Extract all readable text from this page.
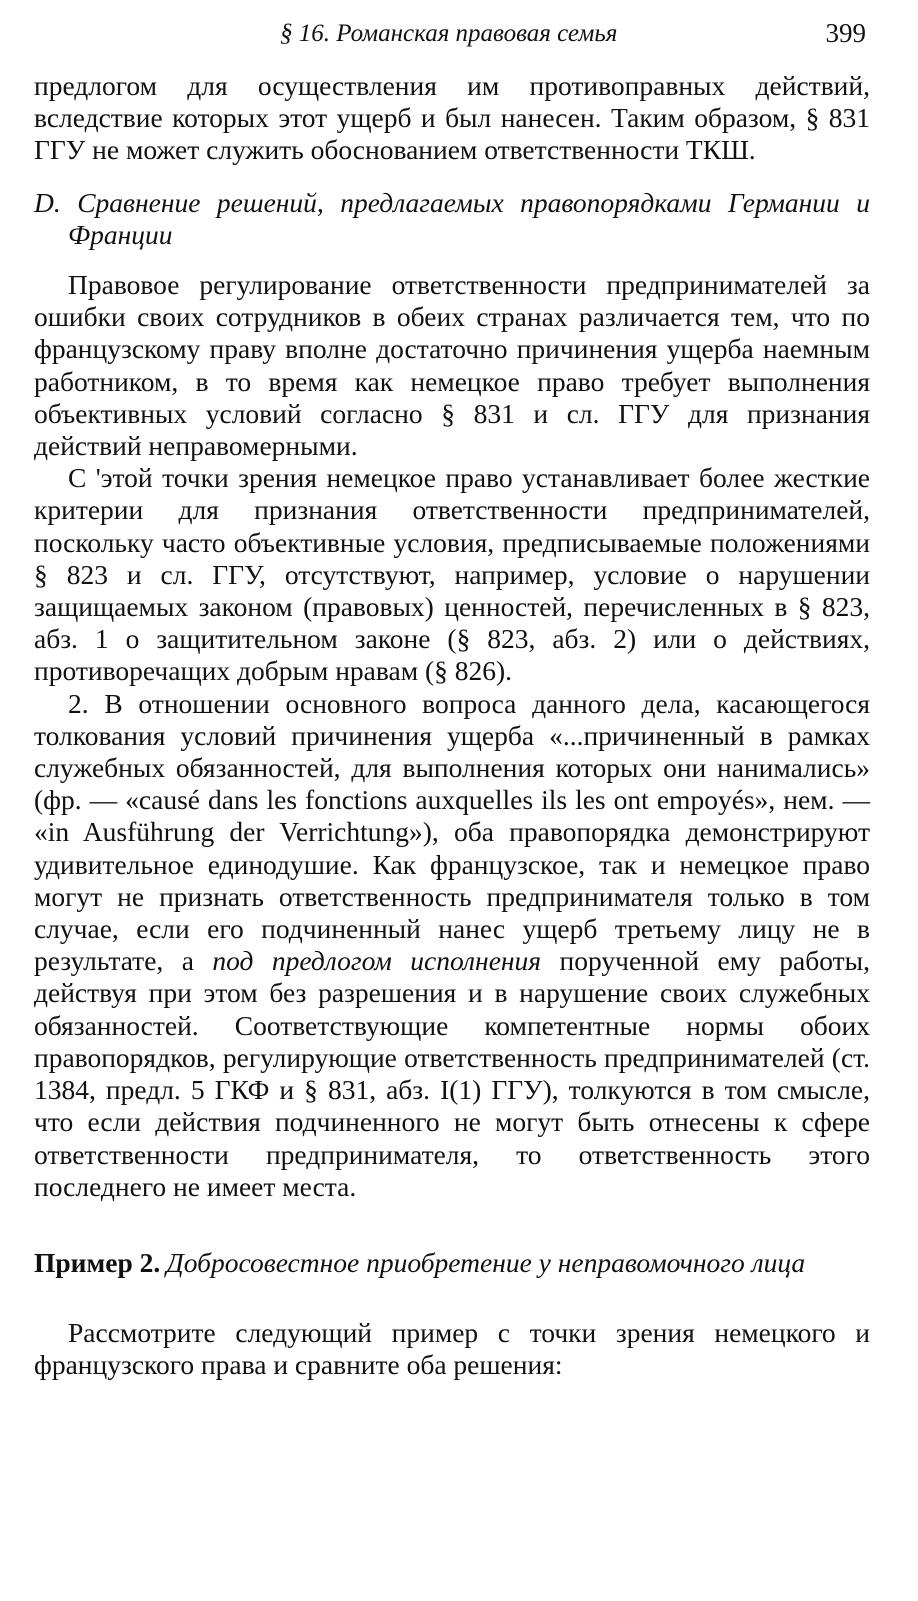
§ 16. Романская правовая семья	399

предлогом для осуществления им противоправных действий, вследствие которых этот ущерб и был нанесен. Таким образом, § 831 ГГУ не может служить обоснованием ответственности ТКШ.

D. Сравнение решений, предлагаемых правопорядками Германии и Франции

Правовое регулирование ответственности предпринимателей за ошибки своих сотрудников в обеих странах различается тем, что по французскому праву вполне достаточно причинения ущерба наемным работником, в то время как немецкое право требует выполнения объективных условий согласно § 831 и сл. ГГУ для признания действий неправомерными.

С 'этой точки зрения немецкое право устанавливает более жесткие критерии для признания ответственности предпринимателей, поскольку часто объективные условия, предписываемые положениями § 823 и сл. ГГУ, отсутствуют, например, условие о нарушении защищаемых законом (правовых) ценностей, перечисленных в § 823, абз. 1 о защитительном законе (§ 823, абз. 2) или о действиях, противоречащих добрым нравам (§ 826).

2. В отношении основного вопроса данного дела, касающегося толкования условий причинения ущерба «...причиненный в рамках служебных обязанностей, для выполнения которых они нанимались» (фр. — «causé dans les fonctions auxquelles ils les ont empoyés», нем. — «in Ausführung der Verrichtung»), оба правопорядка демонстрируют удивительное единодушие. Как французское, так и немецкое право могут не признать ответственность предпринимателя только в том случае, если его подчиненный нанес ущерб третьему лицу не в результате, а под предлогом исполнения порученной ему работы, действуя при этом без разрешения и в нарушение своих служебных обязанностей. Соответствующие компетентные нормы обоих правопорядков, регулирующие ответственность предпринимателей (ст. 1384, предл. 5 ГКФ и § 831, абз. I(1) ГГУ), толкуются в том смысле, что если действия подчиненного не могут быть отнесены к сфере ответственности предпринимателя, то ответственность этого последнего не имеет места.

Пример 2. Добросовестное приобретение у неправомочного лица

Рассмотрите следующий пример с точки зрения немецкого и французского права и сравните оба решения:
